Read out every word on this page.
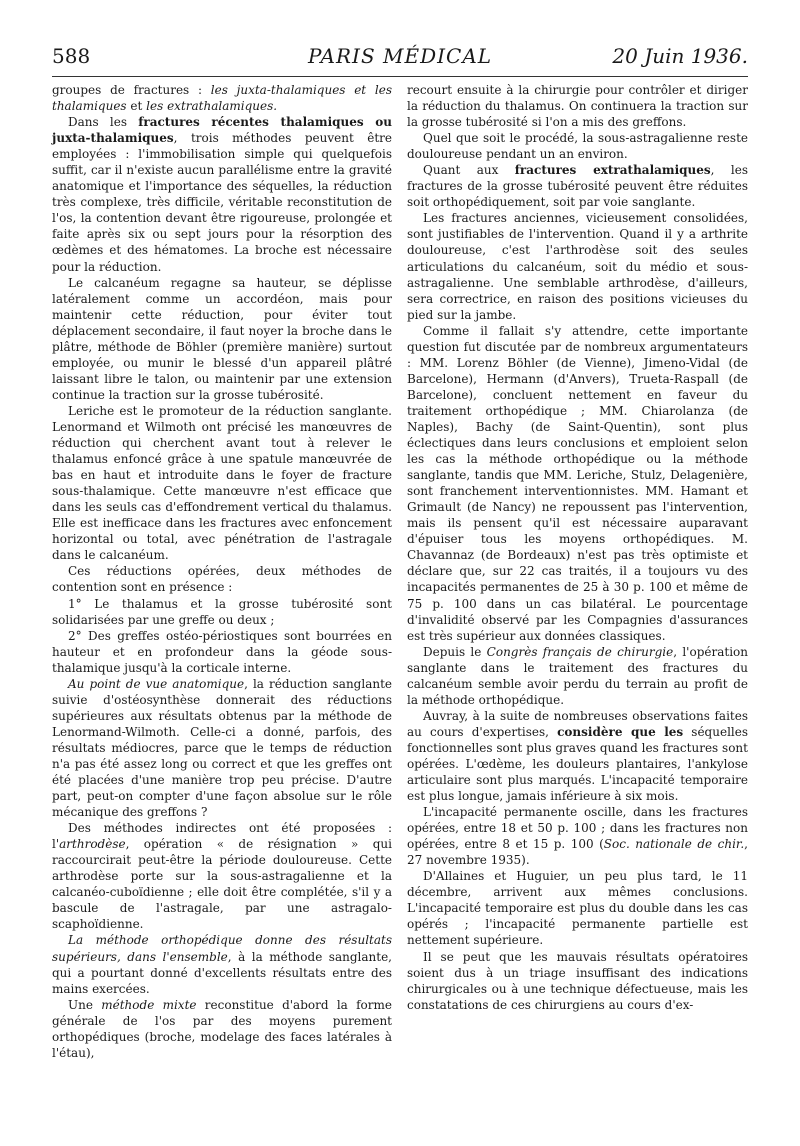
588	PARIS MÉDICAL	20 Juin 1936.

groupes de fractures : les juxta-thalamiques et les thalamiques et les extrathalamiques.

Dans les fractures récentes thalamiques ou juxta-thalamiques, trois méthodes peuvent être employées : l'immobilisation simple qui quelquefois suffit, car il n'existe aucun parallélisme entre la gravité anatomique et l'importance des séquelles, la réduction très complexe, très difficile, véritable reconstitution de l'os, la contention devant être rigoureuse, prolongée et faite après six ou sept jours pour la résorption des œdèmes et des hématomes. La broche est nécessaire pour la réduction.

Le calcanéum regagne sa hauteur, se déplisse latéralement comme un accordéon, mais pour maintenir cette réduction, pour éviter tout déplacement secondaire, il faut noyer la broche dans le plâtre, méthode de Böhler (première manière) surtout employée, ou munir le blessé d'un appareil plâtré laissant libre le talon, ou maintenir par une extension continue la traction sur la grosse tubérosité.

Leriche est le promoteur de la réduction sanglante. Lenormand et Wilmoth ont précisé les manœuvres de réduction qui cherchent avant tout à relever le thalamus enfoncé grâce à une spatule manœuvrée de bas en haut et introduite dans le foyer de fracture sous-thalamique. Cette manœuvre n'est efficace que dans les seuls cas d'effondrement vertical du thalamus. Elle est inefficace dans les fractures avec enfoncement horizontal ou total, avec pénétration de l'astragale dans le calcanéum.

Ces réductions opérées, deux méthodes de contention sont en présence :

1° Le thalamus et la grosse tubérosité sont solidarisées par une greffe ou deux ;

2° Des greffes ostéo-périostiques sont bourrées en hauteur et en profondeur dans la géode sous-thalamique jusqu'à la corticale interne.

Au point de vue anatomique, la réduction sanglante suivie d'ostéosynthèse donnerait des réductions supérieures aux résultats obtenus par la méthode de Lenormand-Wilmoth. Celle-ci a donné, parfois, des résultats médiocres, parce que le temps de réduction n'a pas été assez long ou correct et que les greffes ont été placées d'une manière trop peu précise. D'autre part, peut-on compter d'une façon absolue sur le rôle mécanique des greffons ?

Des méthodes indirectes ont été proposées : l'arthrodèse, opération « de résignation » qui raccourcirait peut-être la période douloureuse. Cette arthrodèse porte sur la sous-astragalienne et la calcanéo-cuboïdienne ; elle doit être complétée, s'il y a bascule de l'astragale, par une astragalo-scaphoïdienne.

La méthode orthopédique donne des résultats supérieurs, dans l'ensemble, à la méthode sanglante, qui a pourtant donné d'excellents résultats entre des mains exercées.

Une méthode mixte reconstitue d'abord la forme générale de l'os par des moyens purement orthopédiques (broche, modelage des faces latérales à l'étau),

recourt ensuite à la chirurgie pour contrôler et diriger la réduction du thalamus. On continuera la traction sur la grosse tubérosité si l'on a mis des greffons.

Quel que soit le procédé, la sous-astragalienne reste douloureuse pendant un an environ.

Quant aux fractures extrathalamiques, les fractures de la grosse tubérosité peuvent être réduites soit orthopédiquement, soit par voie sanglante.

Les fractures anciennes, vicieusement consolidées, sont justifiables de l'intervention. Quand il y a arthrite douloureuse, c'est l'arthrodèse soit des seules articulations du calcanéum, soit du médio et sous-astragalienne. Une semblable arthrodèse, d'ailleurs, sera correctrice, en raison des positions vicieuses du pied sur la jambe.

Comme il fallait s'y attendre, cette importante question fut discutée par de nombreux argumentateurs : MM. Lorenz Böhler (de Vienne), Jimeno-Vidal (de Barcelone), Hermann (d'Anvers), Trueta-Raspall (de Barcelone), concluent nettement en faveur du traitement orthopédique ; MM. Chiarolanza (de Naples), Bachy (de Saint-Quentin), sont plus éclectiques dans leurs conclusions et emploient selon les cas la méthode orthopédique ou la méthode sanglante, tandis que MM. Leriche, Stulz, Delagenière, sont franchement interventionnistes. MM. Hamant et Grimault (de Nancy) ne repoussent pas l'intervention, mais ils pensent qu'il est nécessaire auparavant d'épuiser tous les moyens orthopédiques. M. Chavannaz (de Bordeaux) n'est pas très optimiste et déclare que, sur 22 cas traités, il a toujours vu des incapacités permanentes de 25 à 30 p. 100 et même de 75 p. 100 dans un cas bilatéral. Le pourcentage d'invalidité observé par les Compagnies d'assurances est très supérieur aux données classiques.

Depuis le Congrès français de chirurgie, l'opération sanglante dans le traitement des fractures du calcanéum semble avoir perdu du terrain au profit de la méthode orthopédique.

Auvray, à la suite de nombreuses observations faites au cours d'expertises, considère que les séquelles fonctionnelles sont plus graves quand les fractures sont opérées. L'œdème, les douleurs plantaires, l'ankylose articulaire sont plus marqués. L'incapacité temporaire est plus longue, jamais inférieure à six mois.

L'incapacité permanente oscille, dans les fractures opérées, entre 18 et 50 p. 100 ; dans les fractures non opérées, entre 8 et 15 p. 100 (Soc. nationale de chir., 27 novembre 1935).

D'Allaines et Huguier, un peu plus tard, le 11 décembre, arrivent aux mêmes conclusions. L'incapacité temporaire est plus du double dans les cas opérés ; l'incapacité permanente partielle est nettement supérieure.

Il se peut que les mauvais résultats opératoires soient dus à un triage insuffisant des indications chirurgicales ou à une technique défectueuse, mais les constatations de ces chirurgiens au cours d'ex-
